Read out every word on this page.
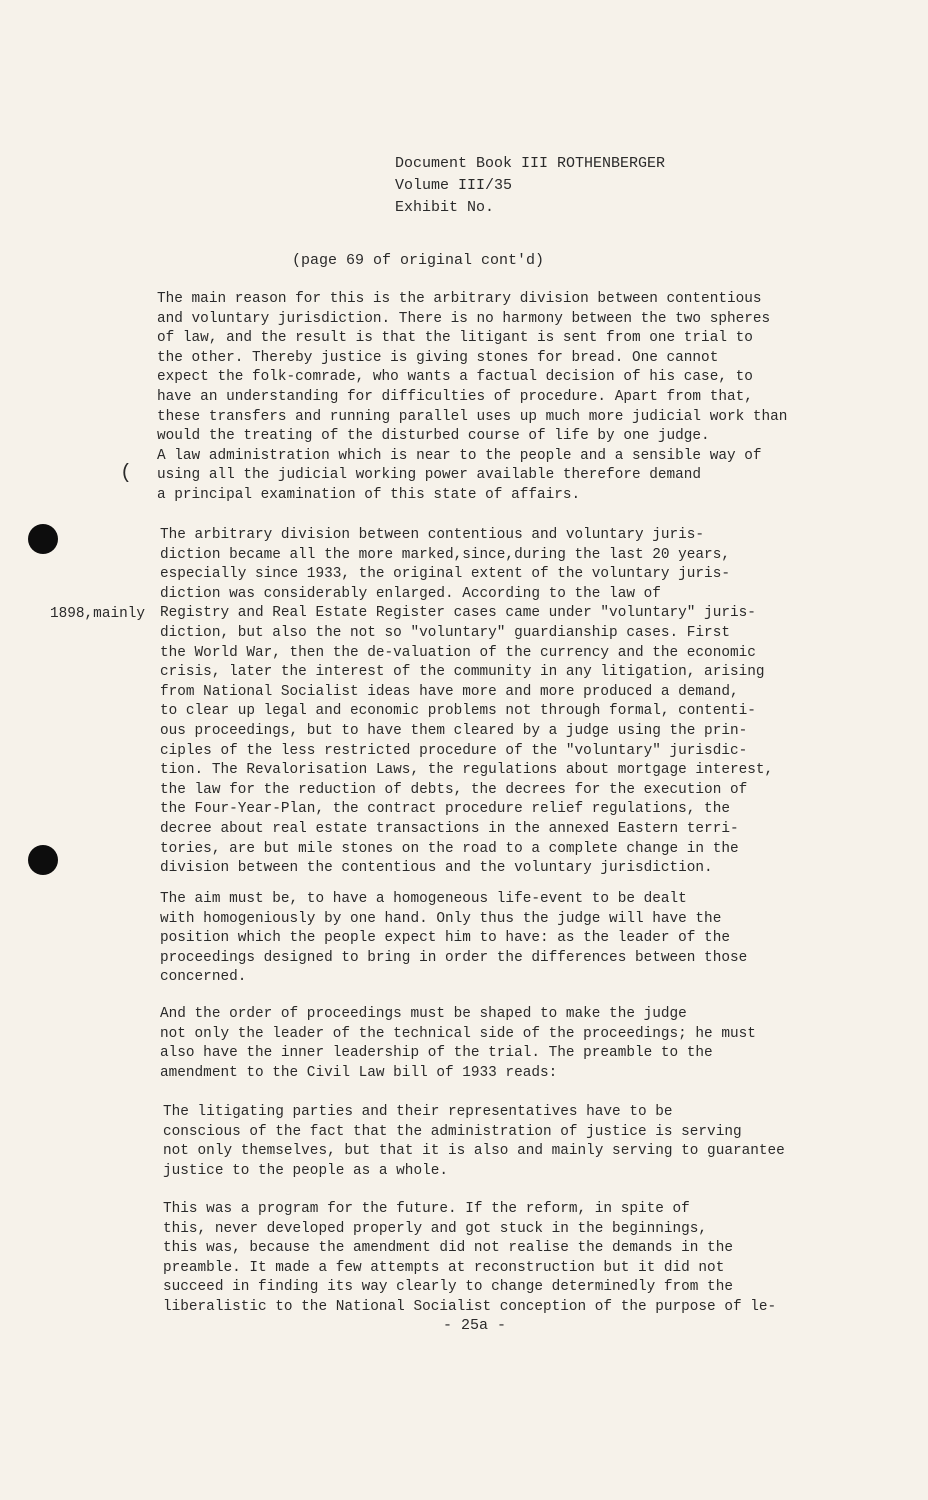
Document Book III ROTHENBERGER
Volume III/35
Exhibit No.
(page 69 of original cont'd)
The main reason for this is the arbitrary division between contentious
and voluntary jurisdiction. There is no harmony between the two spheres
of law, and the result is that the litigant is sent from one trial to
the other. Thereby justice is giving stones for bread. One cannot
expect the folk-comrade, who wants a factual decision of his case, to
have an understanding for difficulties of procedure. Apart from that,
these transfers and running parallel uses up much more judicial work than
would the treating of the disturbed course of life by one judge.
A law administration which is near to the people and a sensible way of
using all the judicial working power available therefore demand
a principal examination of this state of affairs.
(
The arbitrary division between contentious and voluntary juris-
diction became all the more marked,since,during the last 20 years,
especially since 1933, the original extent of the voluntary juris-
diction was considerably enlarged. According to the law of
Registry and Real Estate Register cases came under "voluntary" juris-
diction, but also the not so "voluntary" guardianship cases. First
the World War, then the de-valuation of the currency and the economic
crisis, later the interest of the community in any litigation, arising
from National Socialist ideas have more and more produced a demand,
to clear up legal and economic problems not through formal, contenti-
ous proceedings, but to have them cleared by a judge using the prin-
ciples of the less restricted procedure of the "voluntary" jurisdic-
tion. The Revalorisation Laws, the regulations about mortgage interest,
the law for the reduction of debts, the decrees for the execution of
the Four-Year-Plan, the contract procedure relief regulations, the
decree about real estate transactions in the annexed Eastern terri-
tories, are but mile stones on the road to a complete change in the
division between the contentious and the voluntary jurisdiction.
1898,mainly
The aim must be, to have a homogeneous life-event to be dealt
with homogeniously by one hand. Only thus the judge will have the
position which the people expect him to have: as the leader of the
proceedings designed to bring in order the differences between those
concerned.
And the order of proceedings must be shaped to make the judge
not only the leader of the technical side of the proceedings; he must
also have the inner leadership of the trial. The preamble to the
amendment to the Civil Law bill of 1933 reads:
The litigating parties and their representatives have to be
conscious of the fact that the administration of justice is serving
not only themselves, but that it is also and mainly serving to guarantee
justice to the people as a whole.
This was a program for the future. If the reform, in spite of
this, never developed properly and got stuck in the beginnings,
this was, because the amendment did not realise the demands in the
preamble. It made a few attempts at reconstruction but it did not
succeed in finding its way clearly to change determinedly from the
liberalistic to the National Socialist conception of the purpose of le-
- 25a -
